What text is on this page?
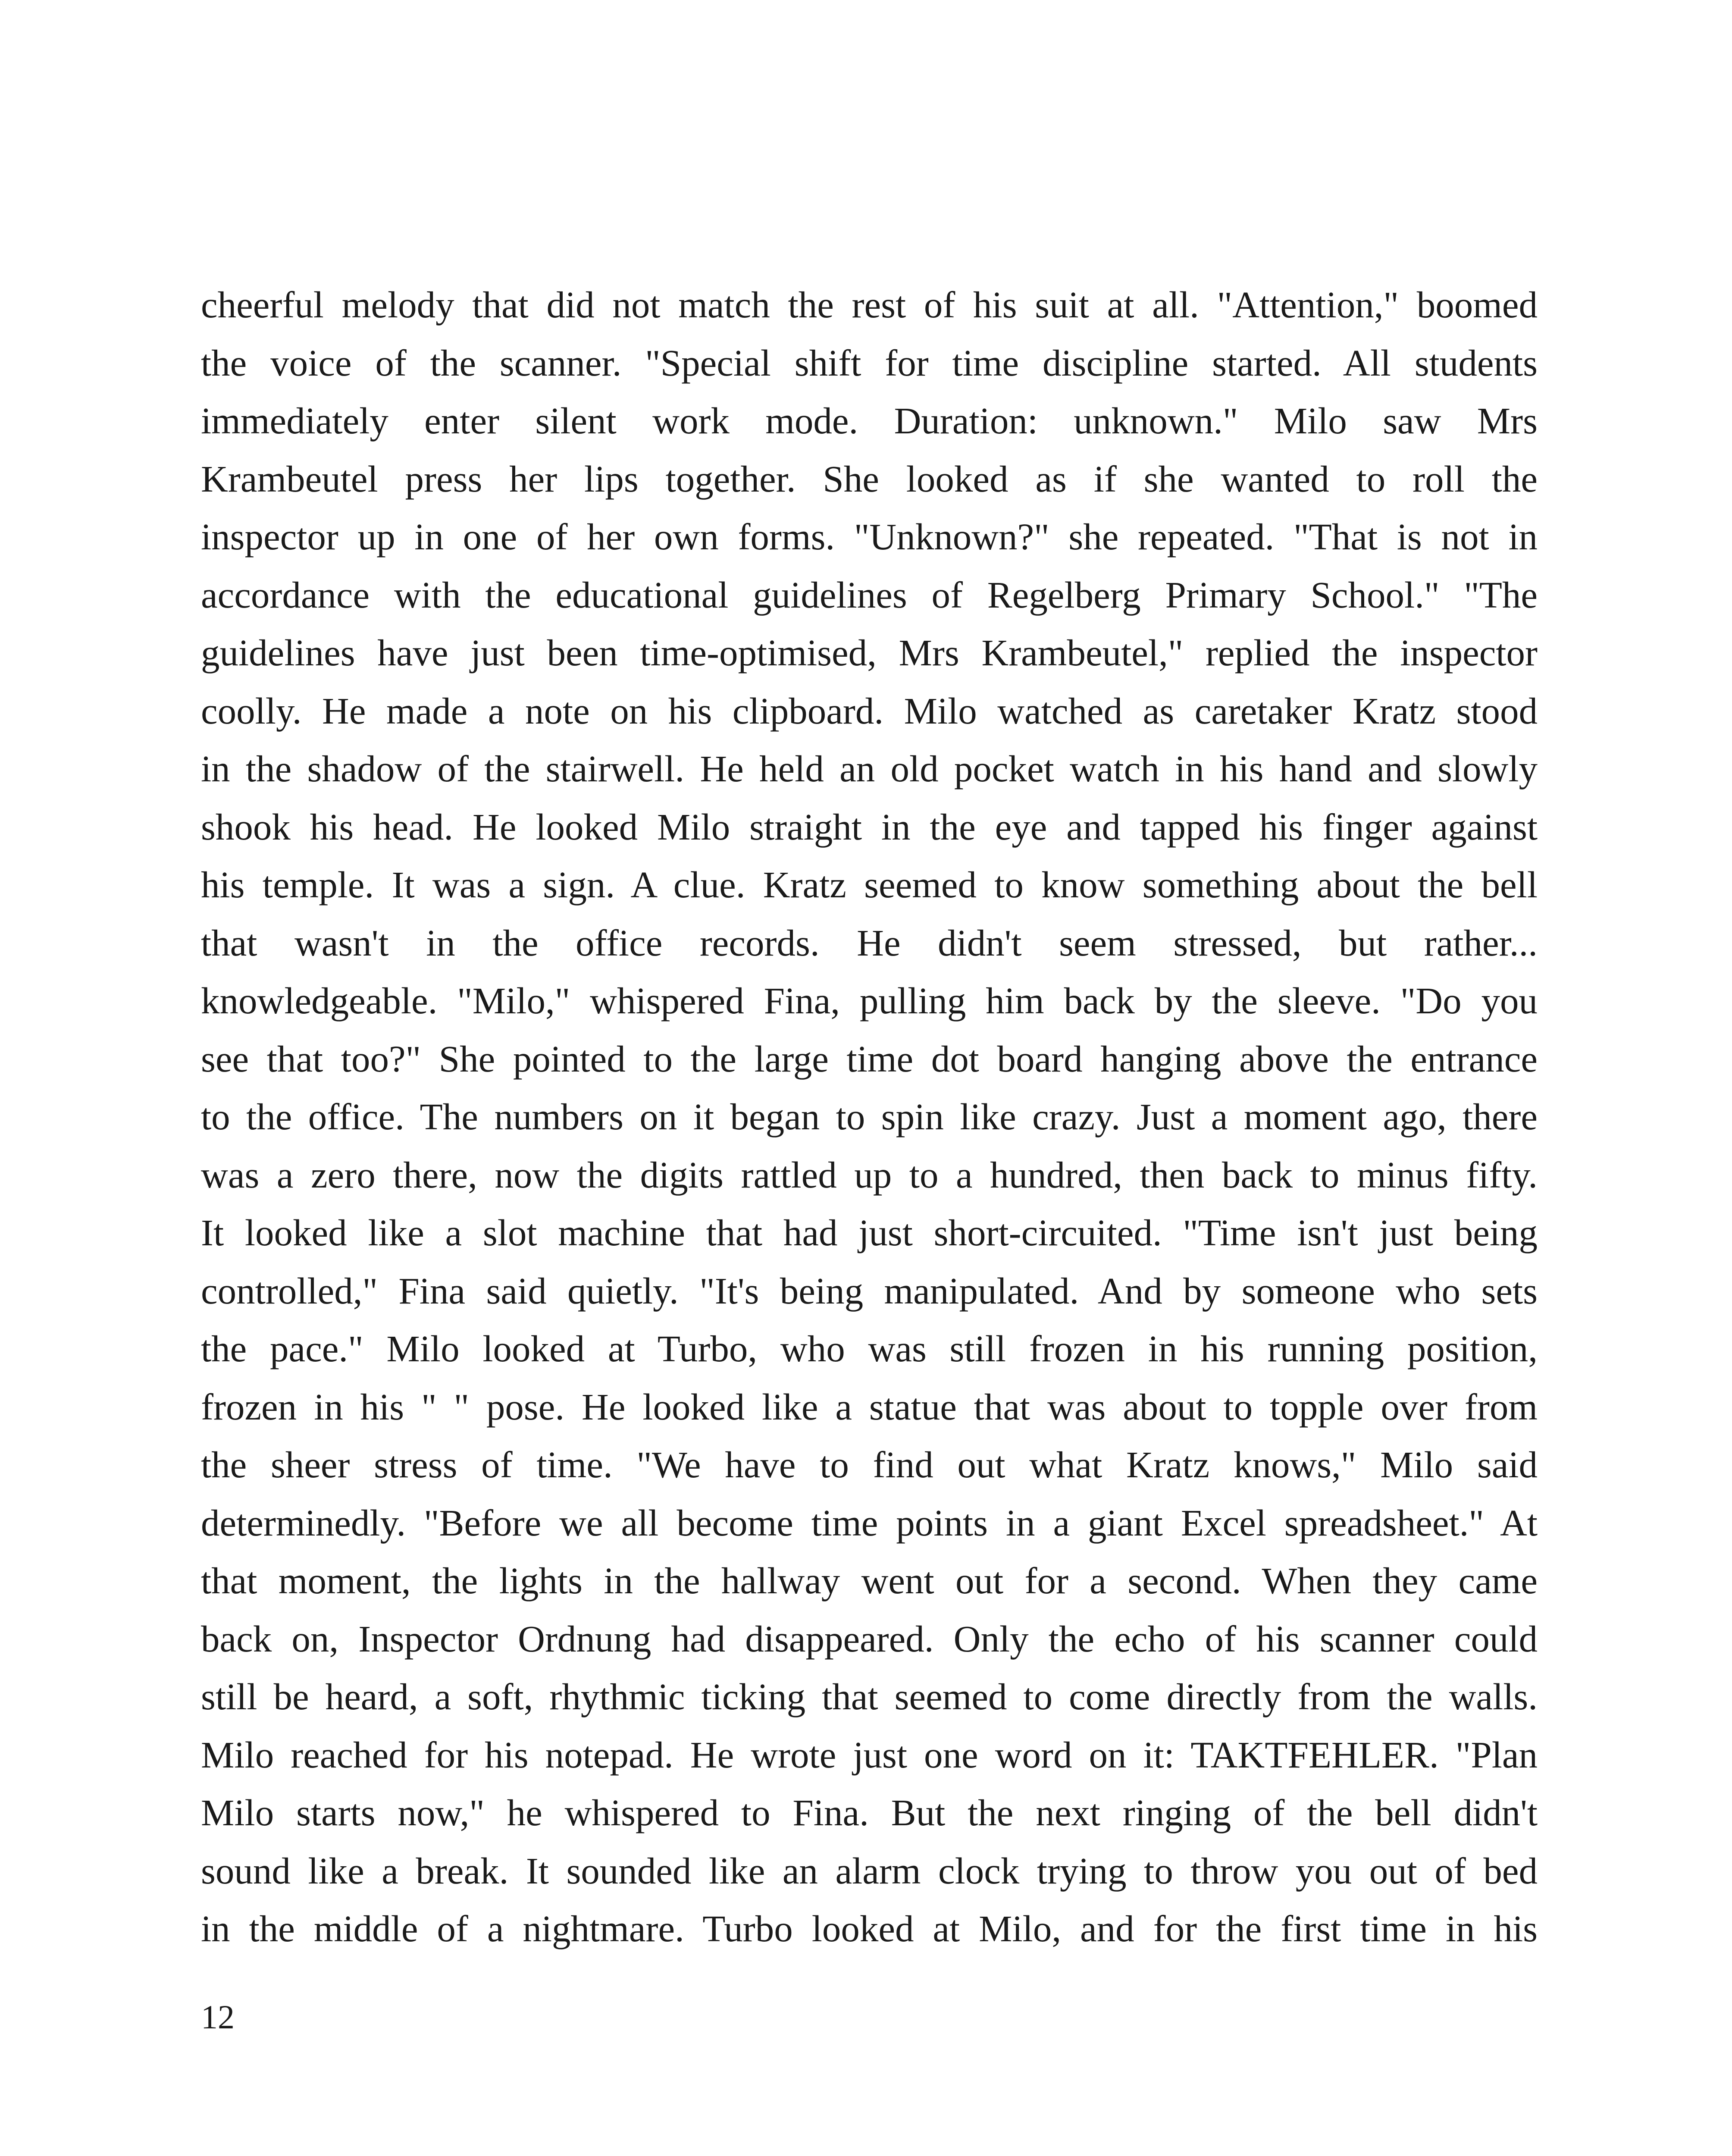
cheerful melody that did not match the rest of his suit at all. "Attention," boomed
the voice of the scanner. "Special shift for time discipline started. All students
immediately enter silent work mode. Duration: unknown." Milo saw Mrs
Krambeutel press her lips together. She looked as if she wanted to roll the
inspector up in one of her own forms. "Unknown?" she repeated. "That is not in
accordance with the educational guidelines of Regelberg Primary School." "The
guidelines have just been time-optimised, Mrs Krambeutel," replied the inspector
coolly. He made a note on his clipboard. Milo watched as caretaker Kratz stood
in the shadow of the stairwell. He held an old pocket watch in his hand and slowly
shook his head. He looked Milo straight in the eye and tapped his finger against
his temple. It was a sign. A clue. Kratz seemed to know something about the bell
that wasn't in the office records. He didn't seem stressed, but rather...
knowledgeable. "Milo," whispered Fina, pulling him back by the sleeve. "Do you
see that too?" She pointed to the large time dot board hanging above the entrance
to the office. The numbers on it began to spin like crazy. Just a moment ago, there
was a zero there, now the digits rattled up to a hundred, then back to minus fifty.
It looked like a slot machine that had just short-circuited. "Time isn't just being
controlled," Fina said quietly. "It's being manipulated. And by someone who sets
the pace." Milo looked at Turbo, who was still frozen in his running position,
frozen in his " " pose. He looked like a statue that was about to topple over from
the sheer stress of time. "We have to find out what Kratz knows," Milo said
determinedly. "Before we all become time points in a giant Excel spreadsheet." At
that moment, the lights in the hallway went out for a second. When they came
back on, Inspector Ordnung had disappeared. Only the echo of his scanner could
still be heard, a soft, rhythmic ticking that seemed to come directly from the walls.
Milo reached for his notepad. He wrote just one word on it: TAKTFEHLER. "Plan
Milo starts now," he whispered to Fina. But the next ringing of the bell didn't
sound like a break. It sounded like an alarm clock trying to throw you out of bed
in the middle of a nightmare. Turbo looked at Milo, and for the first time in his
12
